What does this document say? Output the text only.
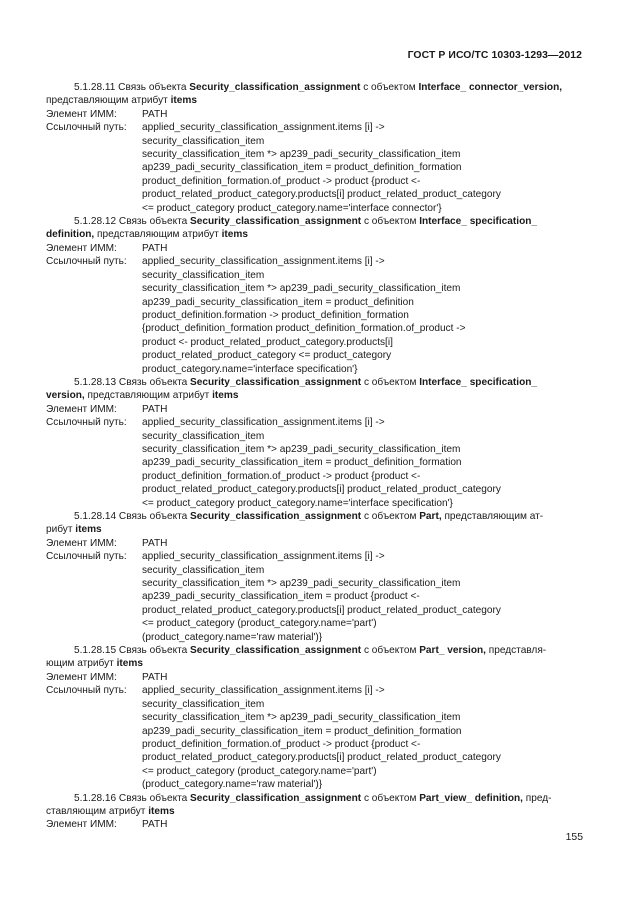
ГОСТ Р ИСО/ТС 10303-1293—2012

5.1.28.11 Связь объекта Security_classification_assignment с объектом Interface_ connector_version,

представляющим атрибут items

Элемент ИММ:	PATH
Ссылочный путь:	applied_security_classification_assignment.items [i] ->

security_classification_item

security_classification_item *> ap239_padi_security_classification_item

ap239_padi_security_classification_item = product_definition_formation

product_definition_formation.of_product -> product {product <-

product_related_product_category.products[i] product_related_product_category

<= product_category product_category.name='interface connector'}

5.1.28.12 Связь объекта Security_classification_assignment с объектом Interface_ specification_

definition, представляющим атрибут items

Элемент ИММ:	PATH
Ссылочный путь:	applied_security_classification_assignment.items [i] ->

security_classification_item

security_classification_item *> ap239_padi_security_classification_item

ap239_padi_security_classification_item = product_definition

product_definition.formation -> product_definition_formation

{product_definition_formation product_definition_formation.of_product ->

product <- product_related_product_category.products[i]

product_related_product_category <= product_category

product_category.name='interface specification'}

5.1.28.13 Связь объекта Security_classification_assignment с объектом Interface_ specification_

version, представляющим атрибут items

Элемент ИММ:	PATH
Ссылочный путь:	applied_security_classification_assignment.items [i] ->

security_classification_item

security_classification_item *> ap239_padi_security_classification_item

ap239_padi_security_classification_item = product_definition_formation

product_definition_formation.of_product -> product {product <-

product_related_product_category.products[i] product_related_product_category

<= product_category product_category.name='interface specification'}

5.1.28.14 Связь объекта Security_classification_assignment с объектом Part, представляющим ат-

рибут items

Элемент ИММ:	PATH
Ссылочный путь:	applied_security_classification_assignment.items [i] ->

security_classification_item

security_classification_item *> ap239_padi_security_classification_item

ap239_padi_security_classification_item = product {product <-

product_related_product_category.products[i] product_related_product_category

<= product_category (product_category.name='part')

(product_category.name='raw material')}

5.1.28.15 Связь объекта Security_classification_assignment с объектом Part_ version, представля-

ющим атрибут items

Элемент ИММ:	PATH
Ссылочный путь:	applied_security_classification_assignment.items [i] ->

security_classification_item

security_classification_item *> ap239_padi_security_classification_item

ap239_padi_security_classification_item = product_definition_formation

product_definition_formation.of_product -> product {product <-

product_related_product_category.products[i] product_related_product_category

<= product_category (product_category.name='part')

(product_category.name='raw material')}

5.1.28.16 Связь объекта Security_classification_assignment с объектом Part_view_ definition, пред-

ставляющим атрибут items

Элемент ИММ:	PATH
155
